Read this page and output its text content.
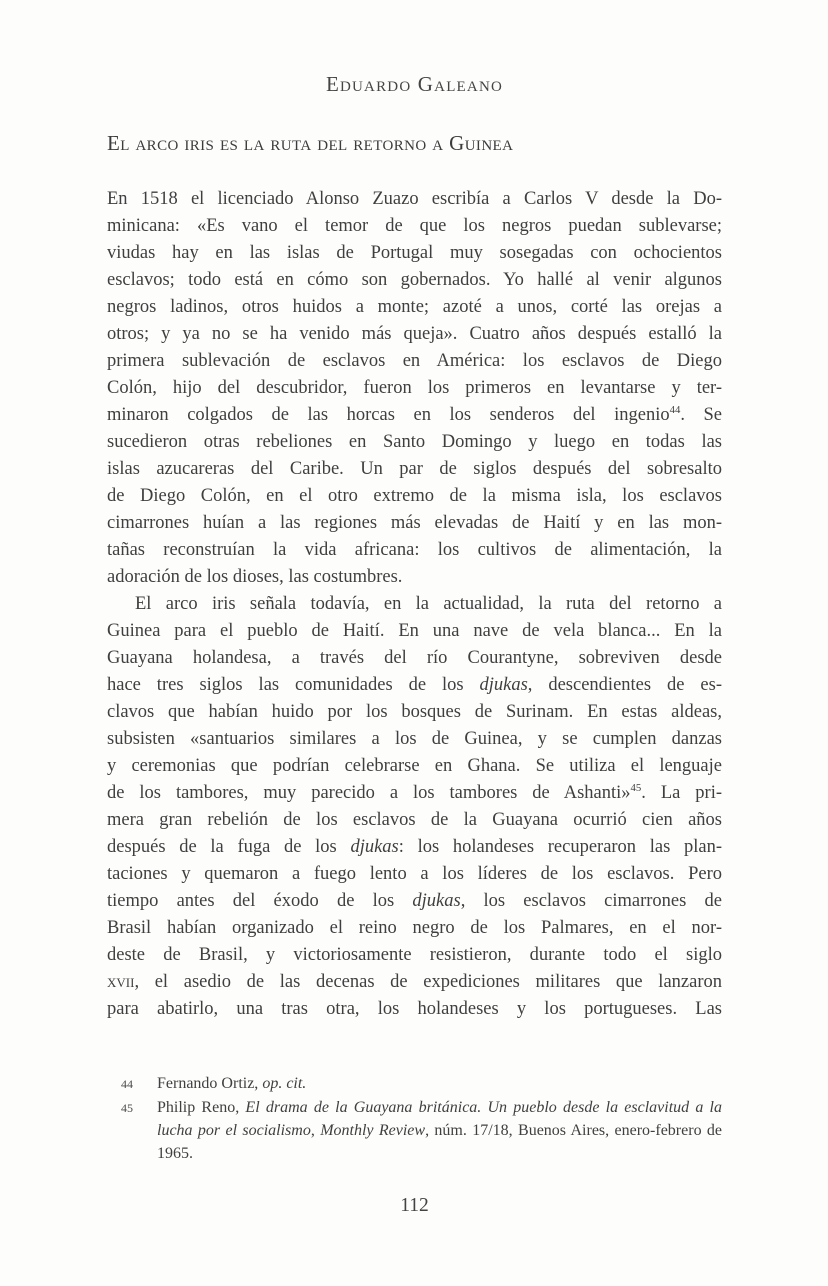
Eduardo Galeano
El arco iris es la ruta del retorno a Guinea
En 1518 el licenciado Alonso Zuazo escribía a Carlos V desde la Do-
minicana: «Es vano el temor de que los negros puedan sublevarse;
viudas hay en las islas de Portugal muy sosegadas con ochocientos
esclavos; todo está en cómo son gobernados. Yo hallé al venir algunos
negros ladinos, otros huidos a monte; azoté a unos, corté las orejas a
otros; y ya no se ha venido más queja». Cuatro años después estalló la
primera sublevación de esclavos en América: los esclavos de Diego
Colón, hijo del descubridor, fueron los primeros en levantarse y ter-
minaron colgados de las horcas en los senderos del ingenio$^{44}$. Se
sucedieron otras rebeliones en Santo Domingo y luego en todas las
islas azucareras del Caribe. Un par de siglos después del sobresalto
de Diego Colón, en el otro extremo de la misma isla, los esclavos
cimarrones huían a las regiones más elevadas de Haití y en las mon-
tañas reconstruían la vida africana: los cultivos de alimentación, la
adoración de los dioses, las costumbres.
El arco iris señala todavía, en la actualidad, la ruta del retorno a
Guinea para el pueblo de Haití. En una nave de vela blanca... En la
Guayana holandesa, a través del río Courantyne, sobreviven desde
hace tres siglos las comunidades de los djukas, descendientes de es-
clavos que habían huido por los bosques de Surinam. En estas aldeas,
subsisten «santuarios similares a los de Guinea, y se cumplen danzas
y ceremonias que podrían celebrarse en Ghana. Se utiliza el lenguaje
de los tambores, muy parecido a los tambores de Ashanti»$^{45}$. La pri-
mera gran rebelión de los esclavos de la Guayana ocurrió cien años
después de la fuga de los djukas: los holandeses recuperaron las plan-
taciones y quemaron a fuego lento a los líderes de los esclavos. Pero
tiempo antes del éxodo de los djukas, los esclavos cimarrones de
Brasil habían organizado el reino negro de los Palmares, en el nor-
deste de Brasil, y victoriosamente resistieron, durante todo el siglo
xvii, el asedio de las decenas de expediciones militares que lanzaron
para abatirlo, una tras otra, los holandeses y los portugueses. Las
44	Fernando Ortiz, op. cit.
45	Philip Reno, El drama de la Guayana británica. Un pueblo desde la esclavitud a la lucha por el socialismo, Monthly Review, núm. 17/18, Buenos Aires, enero-febrero de 1965.
112
